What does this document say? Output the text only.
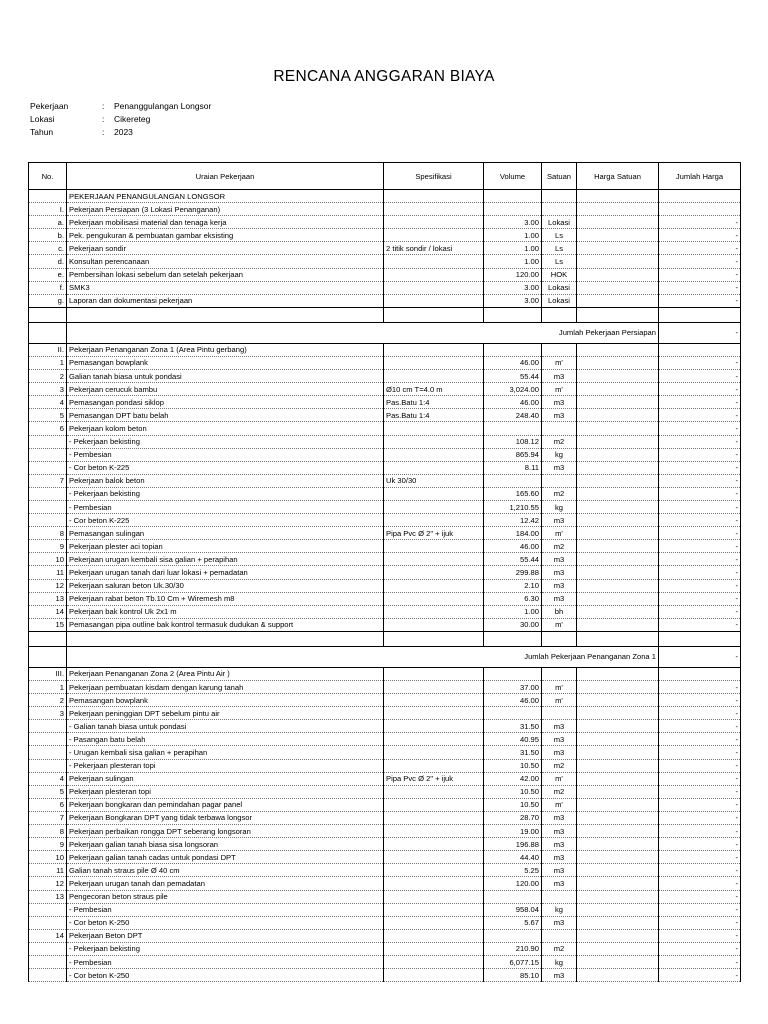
RENCANA ANGGARAN BIAYA
Pekerjaan	:	Penanggulangan Longsor
Lokasi	:	Cikereteg
Tahun	:	2023
No.	Uraian Pekerjaan	Spesifikasi	Volume	Satuan	Harga Satuan	Jumlah Harga
	PEKERJAAN PENANGULANGAN LONGSOR					
I.	Pekerjaan Persiapan (3 Lokasi Penanganan)					
a.	Pekerjaan mobilisasi material dan tenaga kerja		3.00	Lokasi		-
b.	Pek. pengukuran & pembuatan gambar eksisting		1.00	Ls		-
c.	Pekerjaan sondir	2 titik sondir / lokasi	1.00	Ls		-
d.	Konsultan perencanaan		1.00	Ls		-
e.	Pembersihan lokasi sebelum dan setelah pekerjaan		120.00	HOK		-
f.	SMK3		3.00	Lokasi		-
g.	Laporan dan dokumentasi pekerjaan		3.00	Lokasi		-

	Jumlah Pekerjaan Persiapan					-
II.	Pekerjaan Penanganan Zona 1 (Area Pintu gerbang)					
1	Pemasangan bowplank		46.00	m'		-
2	Galian tanah biasa untuk pondasi		55.44	m3		-
3	Pekerjaan cerucuk bambu	Ø10 cm T=4.0 m	3,024.00	m'		-
4	Pemasangan pondasi siklop	Pas.Batu 1:4	46.00	m3		-
5	Pemasangan DPT batu belah	Pas.Batu 1:4	248.40	m3		-
6	Pekerjaan kolom beton					-
	- Pekerjaan bekisting		108.12	m2		-
	- Pembesian		865.94	kg		-
	- Cor beton K-225		8.11	m3		-
7	Pekerjaan balok beton	Uk 30/30				-
	- Pekerjaan bekisting		165.60	m2		-
	- Pembesian		1,210.55	kg		-
	- Cor beton K-225		12.42	m3		-
8	Pemasangan sulingan	Pipa Pvc Ø 2" + ijuk	184.00	m'		-
9	Pekerjaan plester aci topian		46.00	m2		-
10	Pekerjaan urugan kembali sisa galian + perapihan		55.44	m3		-
11	Pekerjaan urugan tanah dari luar lokasi + pemadatan		299.88	m3		-
12	Pekerjaan saluran beton Uk.30/30		2.10	m3		-
13	Pekerjaan rabat beton Tb.10 Cm + Wiremesh m8		6.30	m3		-
14	Pekerjaan bak kontrol Uk 2x1 m		1.00	bh		-
15	Pemasangan pipa outline bak kontrol termasuk dudukan & support		30.00	m'		-

	Jumlah Pekerjaan Penanganan Zona 1					-
III.	Pekerjaan Penanganan Zona 2 (Area Pintu Air )					
1	Pekerjaan pembuatan kisdam dengan karung tanah		37.00	m'		-
2	Pemasangan bowplank		46.00	m'		-
3	Pekerjaan peninggian DPT sebelum pintu air					-
	- Galian tanah biasa untuk pondasi		31.50	m3		-
	- Pasangan batu belah		40.95	m3		-
	- Urugan kembali sisa galian + perapihan		31.50	m3		-
	- Pekerjaan plesteran topi		10.50	m2		-
4	Pekerjaan sulingan	Pipa Pvc Ø 2" + ijuk	42.00	m'		-
5	Pekerjaan plesteran topi		10.50	m2		-
6	Pekerjaan bongkaran dan pemindahan pagar panel		10.50	m'		-
7	Pekerjaan Bongkaran DPT yang tidak terbawa longsor		28.70	m3		-
8	Pekerjaan perbaikan rongga DPT seberang longsoran		19.00	m3		-
9	Pekerjaan galian tanah biasa sisa longsoran		196.88	m3		-
10	Pekerjaan galian tanah cadas untuk pondasi DPT		44.40	m3		-
11	Galian tanah straus pile Ø 40 cm		5.25	m3		-
12	Pekerjaan urugan tanah dan pemadatan		120.00	m3		-
13	Pengecoran beton straus pile					-
	- Pembesian		958.04	kg		-
	- Cor beton K-250		5.67	m3		-
14	Pekerjaan Beton DPT					-
	- Pekerjaan bekisting		210.90	m2		-
	- Pembesian		6,077.15	kg		-
	- Cor beton K-250		85.10	m3		-
